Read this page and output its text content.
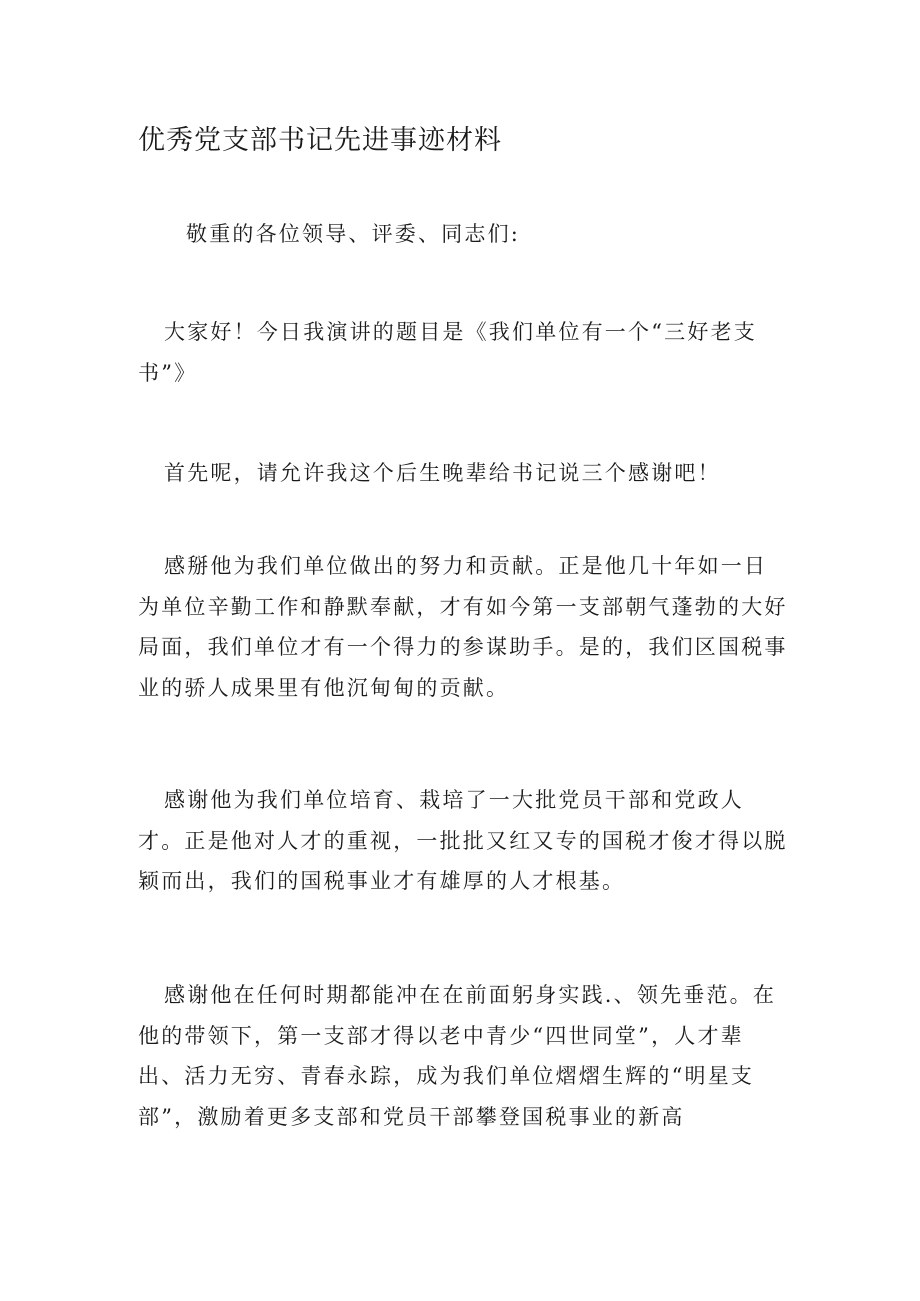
优秀党支部书记先进事迹材料

敬重的各位领导、评委、同志们:

大家好！今日我演讲的题目是《我们单位有一个“三好老支书”》

首先呢，请允许我这个后生晚辈给书记说三个感谢吧！

感掰他为我们单位做出的努力和贡献。正是他几十年如一日为单位辛勤工作和静默奉献，才有如今第一支部朝气蓬勃的大好局面，我们单位才有一个得力的参谋助手。是的，我们区国税事业的骄人成果里有他沉甸甸的贡献。

感谢他为我们单位培育、栽培了一大批党员干部和党政人才。正是他对人才的重视，一批批又红又专的国税才俊才得以脱颖而出，我们的国税事业才有雄厚的人才根基。

感谢他在任何时期都能冲在在前面躬身实践.、领先垂范。在他的带领下，第一支部才得以老中青少“四世同堂”，人才辈出、活力无穷、青春永踪，成为我们单位熠熠生辉的“明星支部”，激励着更多支部和党员干部攀登国税事业的新高
